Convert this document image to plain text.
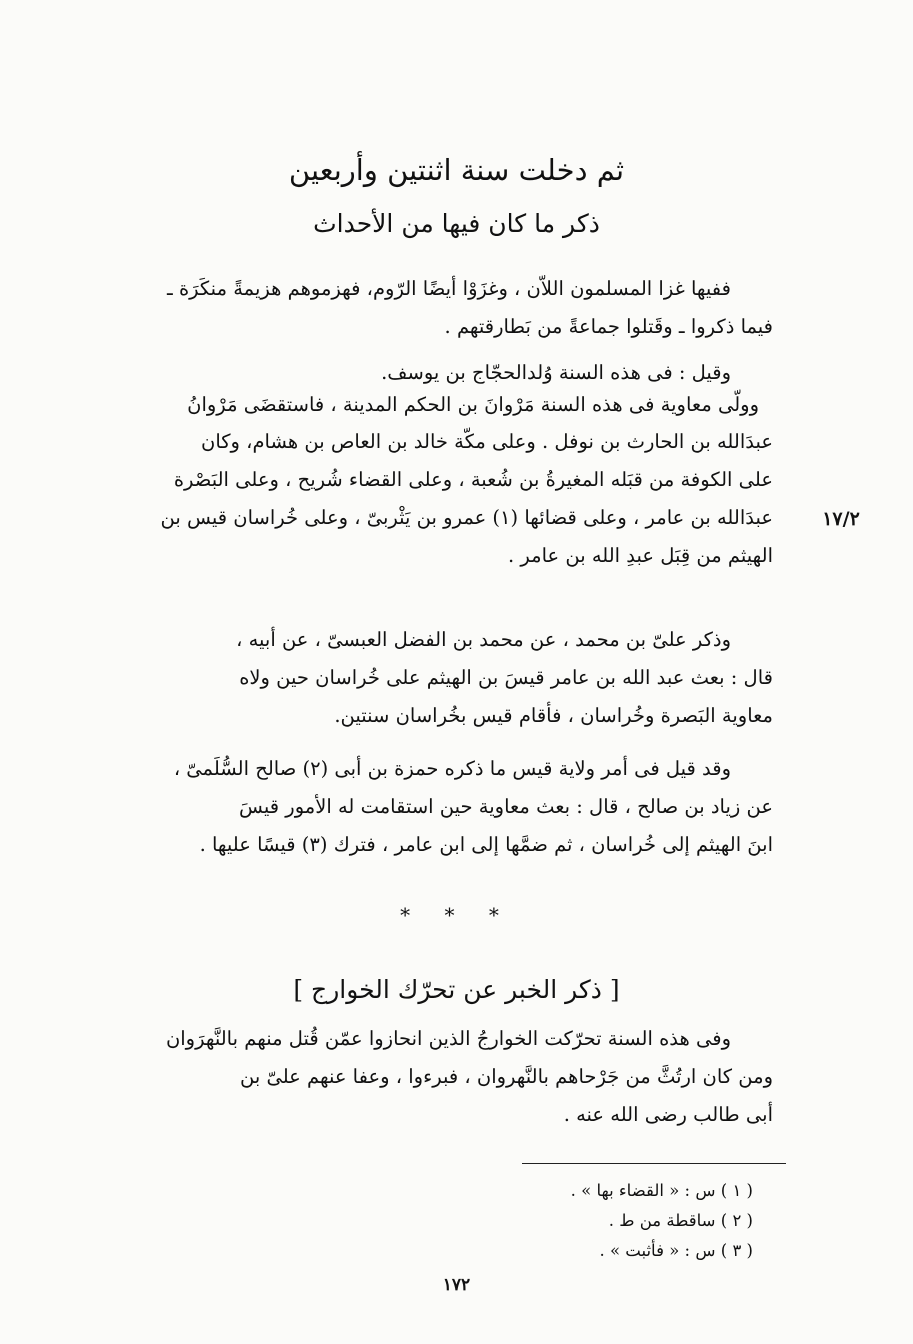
ثم دخلت سنة اثنتين وأربعين
ذكر ما كان فيها من الأحداث
ففيها غزا المسلمون اللاّن ، وغزَوْا أيضًا الرّوم، فهزموهم هزيمةً منكَرَة ـ
فيما ذكروا ـ وقَتلوا جماعةً من بَطارقتهم .
وقيل : فى هذه السنة وُلدالحجّاج بن يوسف.
وولّى معاوية فى هذه السنة مَرْوانَ بن الحكم المدينة ، فاستقضَى مَرْوانُ
عبدَالله بن الحارث بن نوفل . وعلى مكّة خالد بن العاص بن هشام، وكان
على الكوفة من قبَله المغيرةُ بن شُعبة ، وعلى القضاء شُريح ، وعلى البَصْرة
عبدَالله بن عامر ، وعلى قضائها (١) عمرو بن يَثْربىّ ، وعلى خُراسان قيس بن
الهيثم من قِبَل عبدِ الله بن عامر .
١٧/٢
وذكر علىّ بن محمد ، عن محمد بن الفضل العبسىّ ، عن أبيه ،
قال : بعث عبد الله بن عامر قيسَ بن الهيثم على خُراسان حين ولاه
معاوية البَصرة وخُراسان ، فأقام قيس بخُراسان سنتين.
وقد قيل فى أمر ولاية قيس ما ذكره حمزة بن أبى (٢) صالح السُّلَمىّ ،
عن زياد بن صالح ، قال : بعث معاوية حين استقامت له الأمور قيسَ
ابنَ الهيثم إلى خُراسان ، ثم ضمَّها إلى ابن عامر ، فترك (٣) قيسًا عليها .
* * *
[ ذكر الخبر عن تحرّك الخوارج ]
وفى هذه السنة تحرّكت الخوارجُ الذين انحازوا عمّن قُتل منهم بالنَّهرَوان
ومن كان ارتُثَّ من جَرْحاهم بالنَّهروان ، فبرءوا ، وعفا عنهم علىّ بن
أبى طالب رضى الله عنه .
( ١ ) س : « القضاء بها » .
( ٢ ) ساقطة من ط .
( ٣ ) س : « فأثبت » .
١٧٢
